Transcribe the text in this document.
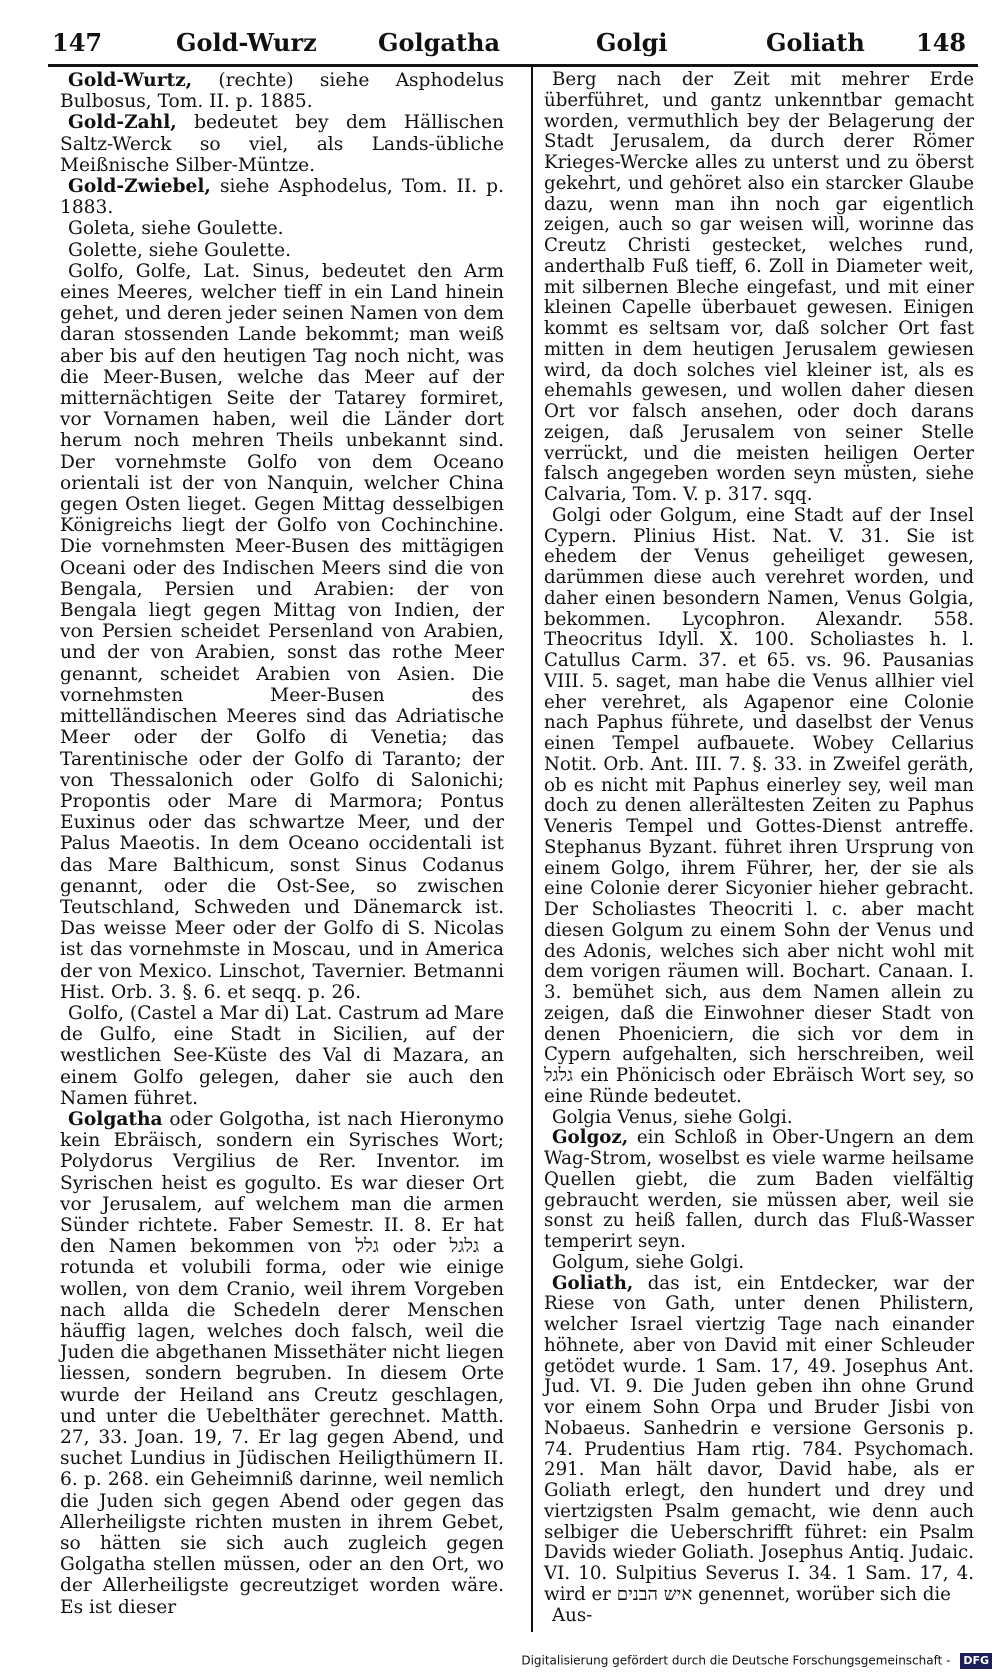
147	Gold-Wurz	Golgatha	Golgi	Goliath 148

Gold-Wurtz, (rechte) siehe Asphodelus Bulbosus, Tom. II. p. 1885.

Gold-Zahl, bedeutet bey dem Hällischen Saltz-Werck so viel, als Lands-übliche Meißnische Silber-Müntze.

Gold-Zwiebel, siehe Asphodelus, Tom. II. p. 1883.

Goleta, siehe Goulette.

Golette, siehe Goulette.

Golfo, Golfe, Lat. Sinus, bedeutet den Arm eines Meeres, welcher tieff in ein Land hinein gehet, und deren jeder seinen Namen von dem daran stossenden Lande bekommt; man weiß aber bis auf den heutigen Tag noch nicht, was die Meer-Busen, welche das Meer auf der mitternächtigen Seite der Tatarey formiret, vor Vornamen haben, weil die Länder dort herum noch mehren Theils unbekannt sind. Der vornehmste Golfo von dem Oceano orientali ist der von Nanquin, welcher China gegen Osten lieget. Gegen Mittag desselbigen Königreichs liegt der Golfo von Cochinchine. Die vornehmsten Meer-Busen des mittägigen Oceani oder des Indischen Meers sind die von Bengala, Persien und Arabien: der von Bengala liegt gegen Mittag von Indien, der von Persien scheidet Persenland von Arabien, und der von Arabien, sonst das rothe Meer genannt, scheidet Arabien von Asien. Die vornehmsten Meer-Busen des mittelländischen Meeres sind das Adriatische Meer oder der Golfo di Venetia; das Tarentinische oder der Golfo di Taranto; der von Thessalonich oder Golfo di Salonichi; Propontis oder Mare di Marmora; Pontus Euxinus oder das schwartze Meer, und der Palus Maeotis. In dem Oceano occidentali ist das Mare Balthicum, sonst Sinus Codanus genannt, oder die Ost-See, so zwischen Teutschland, Schweden und Dänemarck ist. Das weisse Meer oder der Golfo di S. Nicolas ist das vornehmste in Moscau, und in America der von Mexico. Linschot, Tavernier. Betmanni Hist. Orb. 3. §. 6. et seqq. p. 26.

Golfo, (Castel a Mar di) Lat. Castrum ad Mare de Gulfo, eine Stadt in Sicilien, auf der westlichen See-Küste des Val di Mazara, an einem Golfo gelegen, daher sie auch den Namen führet.

Golgatha oder Golgotha, ist nach Hieronymo kein Ebräisch, sondern ein Syrisches Wort; Polydorus Vergilius de Rer. Inventor. im Syrischen heist es gogulto. Es war dieser Ort vor Jerusalem, auf welchem man die armen Sünder richtete. Faber Semestr. II. 8. Er hat den Namen bekommen von גלל oder גלגל a rotunda et volubili forma, oder wie einige wollen, von dem Cranio, weil ihrem Vorgeben nach allda die Schedeln derer Menschen häuffig lagen, welches doch falsch, weil die Juden die abgethanen Missethäter nicht liegen liessen, sondern begruben. In diesem Orte wurde der Heiland ans Creutz geschlagen, und unter die Uebelthäter gerechnet. Matth. 27, 33. Joan. 19, 7. Er lag gegen Abend, und suchet Lundius in Jüdischen Heiligthümern II. 6. p. 268. ein Geheimniß darinne, weil nemlich die Juden sich gegen Abend oder gegen das Allerheiligste richten musten in ihrem Gebet, so hätten sie sich auch zugleich gegen Golgatha stellen müssen, oder an den Ort, wo der Allerheiligste gecreutziget worden wäre. Es ist dieser

Berg nach der Zeit mit mehrer Erde überführet, und gantz unkenntbar gemacht worden, vermuthlich bey der Belagerung der Stadt Jerusalem, da durch derer Römer Krieges-Wercke alles zu unterst und zu öberst gekehrt, und gehöret also ein starcker Glaube dazu, wenn man ihn noch gar eigentlich zeigen, auch so gar weisen will, worinne das Creutz Christi gestecket, welches rund, anderthalb Fuß tieff, 6. Zoll in Diameter weit, mit silbernen Bleche eingefast, und mit einer kleinen Capelle überbauet gewesen. Einigen kommt es seltsam vor, daß solcher Ort fast mitten in dem heutigen Jerusalem gewiesen wird, da doch solches viel kleiner ist, als es ehemahls gewesen, und wollen daher diesen Ort vor falsch ansehen, oder doch darans zeigen, daß Jerusalem von seiner Stelle verrückt, und die meisten heiligen Oerter falsch angegeben worden seyn müsten, siehe Calvaria, Tom. V. p. 317. sqq.

Golgi oder Golgum, eine Stadt auf der Insel Cypern. Plinius Hist. Nat. V. 31. Sie ist ehedem der Venus geheiliget gewesen, darümmen diese auch verehret worden, und daher einen besondern Namen, Venus Golgia, bekommen. Lycophron. Alexandr. 558. Theocritus Idyll. X. 100. Scholiastes h. l. Catullus Carm. 37. et 65. vs. 96. Pausanias VIII. 5. saget, man habe die Venus allhier viel eher verehret, als Agapenor eine Colonie nach Paphus führete, und daselbst der Venus einen Tempel aufbauete. Wobey Cellarius Notit. Orb. Ant. III. 7. §. 33. in Zweifel geräth, ob es nicht mit Paphus einerley sey, weil man doch zu denen allerältesten Zeiten zu Paphus Veneris Tempel und Gottes-Dienst antreffe. Stephanus Byzant. führet ihren Ursprung von einem Golgo, ihrem Führer, her, der sie als eine Colonie derer Sicyonier hieher gebracht. Der Scholiastes Theocriti l. c. aber macht diesen Golgum zu einem Sohn der Venus und des Adonis, welches sich aber nicht wohl mit dem vorigen räumen will. Bochart. Canaan. I. 3. bemühet sich, aus dem Namen allein zu zeigen, daß die Einwohner dieser Stadt von denen Phoeniciern, die sich vor dem in Cypern aufgehalten, sich herschreiben, weil גלגל ein Phönicisch oder Ebräisch Wort sey, so eine Ründe bedeutet.

Golgia Venus, siehe Golgi.

Golgoz, ein Schloß in Ober-Ungern an dem Wag-Strom, woselbst es viele warme heilsame Quellen giebt, die zum Baden vielfältig gebraucht werden, sie müssen aber, weil sie sonst zu heiß fallen, durch das Fluß-Wasser temperirt seyn.

Golgum, siehe Golgi.

Goliath, das ist, ein Entdecker, war der Riese von Gath, unter denen Philistern, welcher Israel viertzig Tage nach einander höhnete, aber von David mit einer Schleuder getödet wurde. 1 Sam. 17, 49. Josephus Ant. Jud. VI. 9. Die Juden geben ihn ohne Grund vor einem Sohn Orpa und Bruder Jisbi von Nobaeus. Sanhedrin e versione Gersonis p. 74. Prudentius Ham rtig. 784. Psychomach. 291. Man hält davor, David habe, als er Goliath erlegt, den hundert und drey und viertzigsten Psalm gemacht, wie denn auch selbiger die Ueberschrifft führet: ein Psalm Davids wieder Goliath. Josephus Antiq. Judaic. VI. 10. Sulpitius Severus I. 34. 1 Sam. 17, 4. wird er איש הבנים genennet, worüber sich die

Aus-

Digitalisierung gefördert durch die Deutsche Forschungsgemeinschaft - DFG
